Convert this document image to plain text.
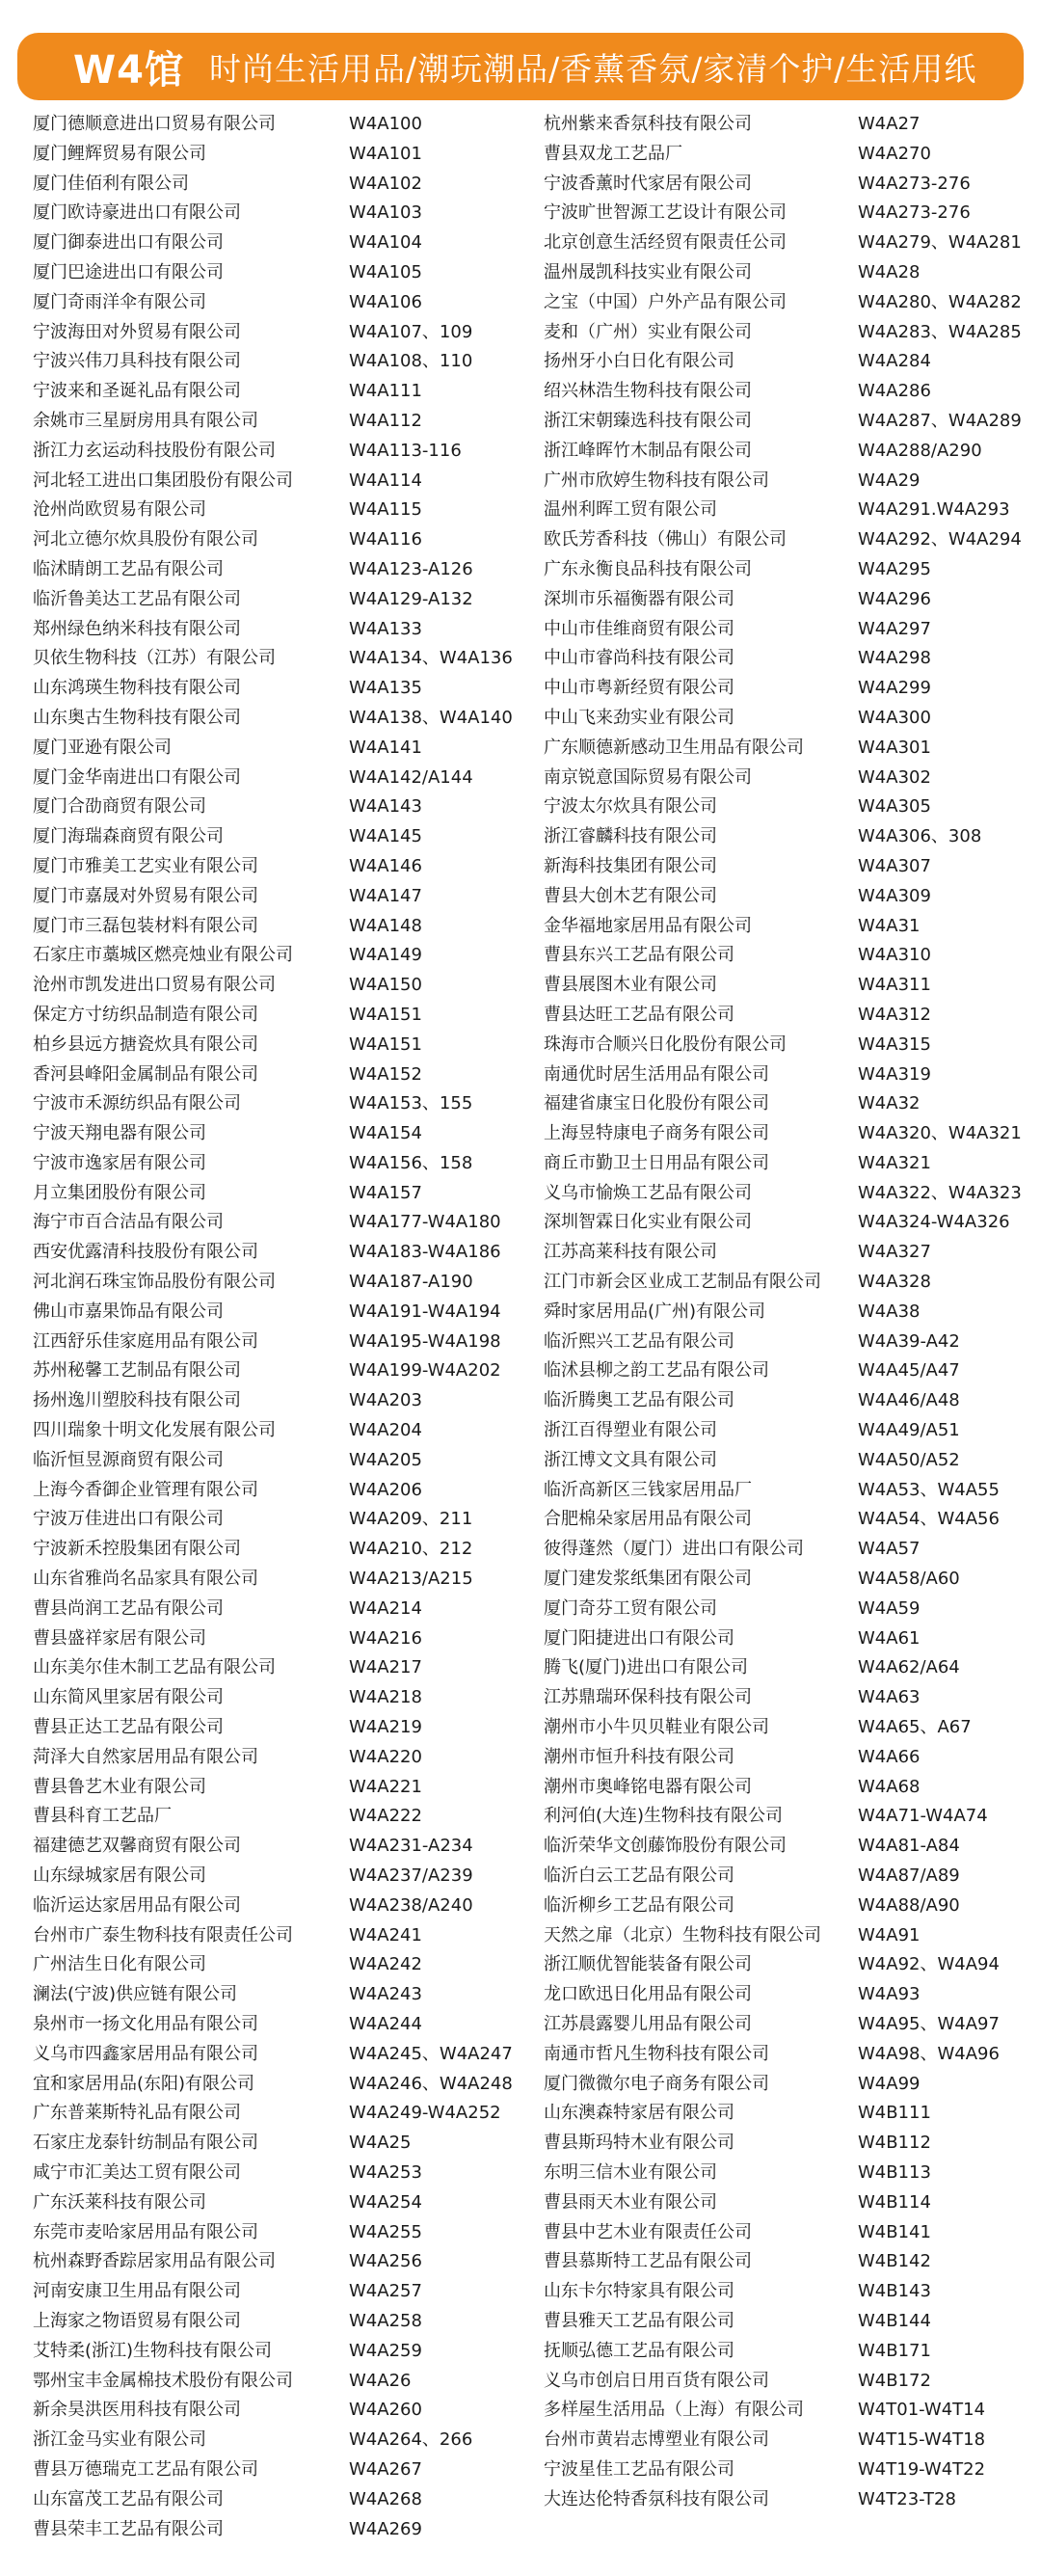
W4馆 时尚生活用品/潮玩潮品/香薰香氛/家清个护/生活用纸
厦门德顺意进出口贸易有限公司	W4A100
厦门鲤辉贸易有限公司	W4A101
厦门佳佰利有限公司	W4A102
厦门欧诗豪进出口有限公司	W4A103
厦门御泰进出口有限公司	W4A104
厦门巴途进出口有限公司	W4A105
厦门奇雨洋伞有限公司	W4A106
宁波海田对外贸易有限公司	W4A107、109
宁波兴伟刀具科技有限公司	W4A108、110
宁波来和圣诞礼品有限公司	W4A111
余姚市三星厨房用具有限公司	W4A112
浙江力玄运动科技股份有限公司	W4A113-116
河北轻工进出口集团股份有限公司	W4A114
沧州尚欧贸易有限公司	W4A115
河北立德尔炊具股份有限公司	W4A116
临沭睛朗工艺品有限公司	W4A123-A126
临沂鲁美达工艺品有限公司	W4A129-A132
郑州绿色纳米科技有限公司	W4A133
贝依生物科技（江苏）有限公司	W4A134、W4A136
山东鸿瑛生物科技有限公司	W4A135
山东奥古生物科技有限公司	W4A138、W4A140
厦门亚逊有限公司	W4A141
厦门金华南进出口有限公司	W4A142/A144
厦门合劭商贸有限公司	W4A143
厦门海瑞森商贸有限公司	W4A145
厦门市雅美工艺实业有限公司	W4A146
厦门市嘉晟对外贸易有限公司	W4A147
厦门市三磊包装材料有限公司	W4A148
石家庄市藁城区燃亮烛业有限公司	W4A149
沧州市凯发进出口贸易有限公司	W4A150
保定方寸纺织品制造有限公司	W4A151
柏乡县远方搪瓷炊具有限公司	W4A151
香河县峰阳金属制品有限公司	W4A152
宁波市禾源纺织品有限公司	W4A153、155
宁波天翔电器有限公司	W4A154
宁波市逸家居有限公司	W4A156、158
月立集团股份有限公司	W4A157
海宁市百合洁品有限公司	W4A177-W4A180
西安优露清科技股份有限公司	W4A183-W4A186
河北润石珠宝饰品股份有限公司	W4A187-A190
佛山市嘉果饰品有限公司	W4A191-W4A194
江西舒乐佳家庭用品有限公司	W4A195-W4A198
苏州秘馨工艺制品有限公司	W4A199-W4A202
扬州逸川塑胶科技有限公司	W4A203
四川瑞象十明文化发展有限公司	W4A204
临沂恒昱源商贸有限公司	W4A205
上海今香御企业管理有限公司	W4A206
宁波万佳进出口有限公司	W4A209、211
宁波新禾控股集团有限公司	W4A210、212
山东省雅尚名品家具有限公司	W4A213/A215
曹县尚润工艺品有限公司	W4A214
曹县盛祥家居有限公司	W4A216
山东美尔佳木制工艺品有限公司	W4A217
山东简风里家居有限公司	W4A218
曹县正达工艺品有限公司	W4A219
菏泽大自然家居用品有限公司	W4A220
曹县鲁艺木业有限公司	W4A221
曹县科育工艺品厂	W4A222
福建德艺双馨商贸有限公司	W4A231-A234
山东绿城家居有限公司	W4A237/A239
临沂运达家居用品有限公司	W4A238/A240
台州市广泰生物科技有限责任公司	W4A241
广州洁生日化有限公司	W4A242
澜法(宁波)供应链有限公司	W4A243
泉州市一扬文化用品有限公司	W4A244
义乌市四鑫家居用品有限公司	W4A245、W4A247
宜和家居用品(东阳)有限公司	W4A246、W4A248
广东普莱斯特礼品有限公司	W4A249-W4A252
石家庄龙泰针纺制品有限公司	W4A25
咸宁市汇美达工贸有限公司	W4A253
广东沃莱科技有限公司	W4A254
东莞市麦哈家居用品有限公司	W4A255
杭州森野香踪居家用品有限公司	W4A256
河南安康卫生用品有限公司	W4A257
上海家之物语贸易有限公司	W4A258
艾特柔(浙江)生物科技有限公司	W4A259
鄂州宝丰金属棉技术股份有限公司	W4A26
新余昊洪医用科技有限公司	W4A260
浙江金马实业有限公司	W4A264、266
曹县万德瑞克工艺品有限公司	W4A267
山东富茂工艺品有限公司	W4A268
曹县荣丰工艺品有限公司	W4A269
杭州紫来香氛科技有限公司	W4A27
曹县双龙工艺品厂	W4A270
宁波香薰时代家居有限公司	W4A273-276
宁波旷世智源工艺设计有限公司	W4A273-276
北京创意生活经贸有限责任公司	W4A279、W4A281
温州晟凯科技实业有限公司	W4A28
之宝（中国）户外产品有限公司	W4A280、W4A282
麦和（广州）实业有限公司	W4A283、W4A285
扬州牙小白日化有限公司	W4A284
绍兴林浩生物科技有限公司	W4A286
浙江宋朝臻选科技有限公司	W4A287、W4A289
浙江峰晖竹木制品有限公司	W4A288/A290
广州市欣婷生物科技有限公司	W4A29
温州利晖工贸有限公司	W4A291.W4A293
欧氏芳香科技（佛山）有限公司	W4A292、W4A294
广东永衡良品科技有限公司	W4A295
深圳市乐福衡器有限公司	W4A296
中山市佳维商贸有限公司	W4A297
中山市睿尚科技有限公司	W4A298
中山市粤新经贸有限公司	W4A299
中山飞来劲实业有限公司	W4A300
广东顺德新感动卫生用品有限公司	W4A301
南京锐意国际贸易有限公司	W4A302
宁波太尔炊具有限公司	W4A305
浙江睿麟科技有限公司	W4A306、308
新海科技集团有限公司	W4A307
曹县大创木艺有限公司	W4A309
金华福地家居用品有限公司	W4A31
曹县东兴工艺品有限公司	W4A310
曹县展图木业有限公司	W4A311
曹县达旺工艺品有限公司	W4A312
珠海市合顺兴日化股份有限公司	W4A315
南通优时居生活用品有限公司	W4A319
福建省康宝日化股份有限公司	W4A32
上海昱特康电子商务有限公司	W4A320、W4A321
商丘市勤卫士日用品有限公司	W4A321
义乌市愉焕工艺品有限公司	W4A322、W4A323
深圳智霖日化实业有限公司	W4A324-W4A326
江苏高莱科技有限公司	W4A327
江门市新会区业成工艺制品有限公司	W4A328
舜时家居用品(广州)有限公司	W4A38
临沂熙兴工艺品有限公司	W4A39-A42
临沭县柳之韵工艺品有限公司	W4A45/A47
临沂腾奥工艺品有限公司	W4A46/A48
浙江百得塑业有限公司	W4A49/A51
浙江博文文具有限公司	W4A50/A52
临沂高新区三钱家居用品厂	W4A53、W4A55
合肥棉朵家居用品有限公司	W4A54、W4A56
彼得蓬然（厦门）进出口有限公司	W4A57
厦门建发浆纸集团有限公司	W4A58/A60
厦门奇芬工贸有限公司	W4A59
厦门阳捷进出口有限公司	W4A61
腾飞(厦门)进出口有限公司	W4A62/A64
江苏鼎瑞环保科技有限公司	W4A63
潮州市小牛贝贝鞋业有限公司	W4A65、A67
潮州市恒升科技有限公司	W4A66
潮州市奥峰铭电器有限公司	W4A68
利河伯(大连)生物科技有限公司	W4A71-W4A74
临沂荣华文创藤饰股份有限公司	W4A81-A84
临沂白云工艺品有限公司	W4A87/A89
临沂柳乡工艺品有限公司	W4A88/A90
天然之扉（北京）生物科技有限公司	W4A91
浙江顺优智能装备有限公司	W4A92、W4A94
龙口欧迅日化用品有限公司	W4A93
江苏晨露婴儿用品有限公司	W4A95、W4A97
南通市哲凡生物科技有限公司	W4A98、W4A96
厦门微微尔电子商务有限公司	W4A99
山东澳森特家居有限公司	W4B111
曹县斯玛特木业有限公司	W4B112
东明三信木业有限公司	W4B113
曹县雨天木业有限公司	W4B114
曹县中艺木业有限责任公司	W4B141
曹县慕斯特工艺品有限公司	W4B142
山东卡尔特家具有限公司	W4B143
曹县雅天工艺品有限公司	W4B144
抚顺弘德工艺品有限公司	W4B171
义乌市创启日用百货有限公司	W4B172
多样屋生活用品（上海）有限公司	W4T01-W4T14
台州市黄岩志博塑业有限公司	W4T15-W4T18
宁波星佳工艺品有限公司	W4T19-W4T22
大连达伦特香氛科技有限公司	W4T23-T28
